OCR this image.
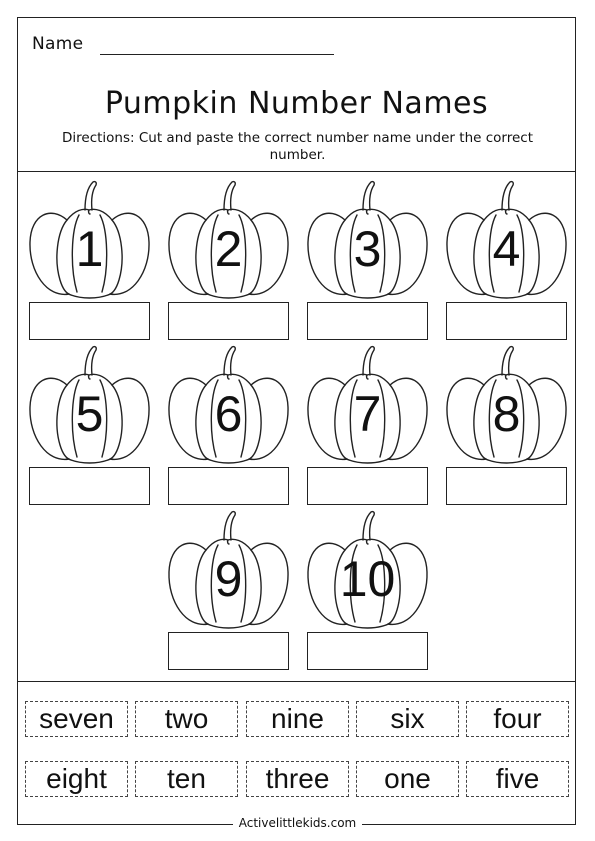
Name
Pumpkin Number Names
Directions: Cut and paste the correct number name under the correct number.
1	2	3	4
5	6	7	8
9	10
seven	two	nine	six	four
eight	ten	three	one	five
Activelittlekids.com
